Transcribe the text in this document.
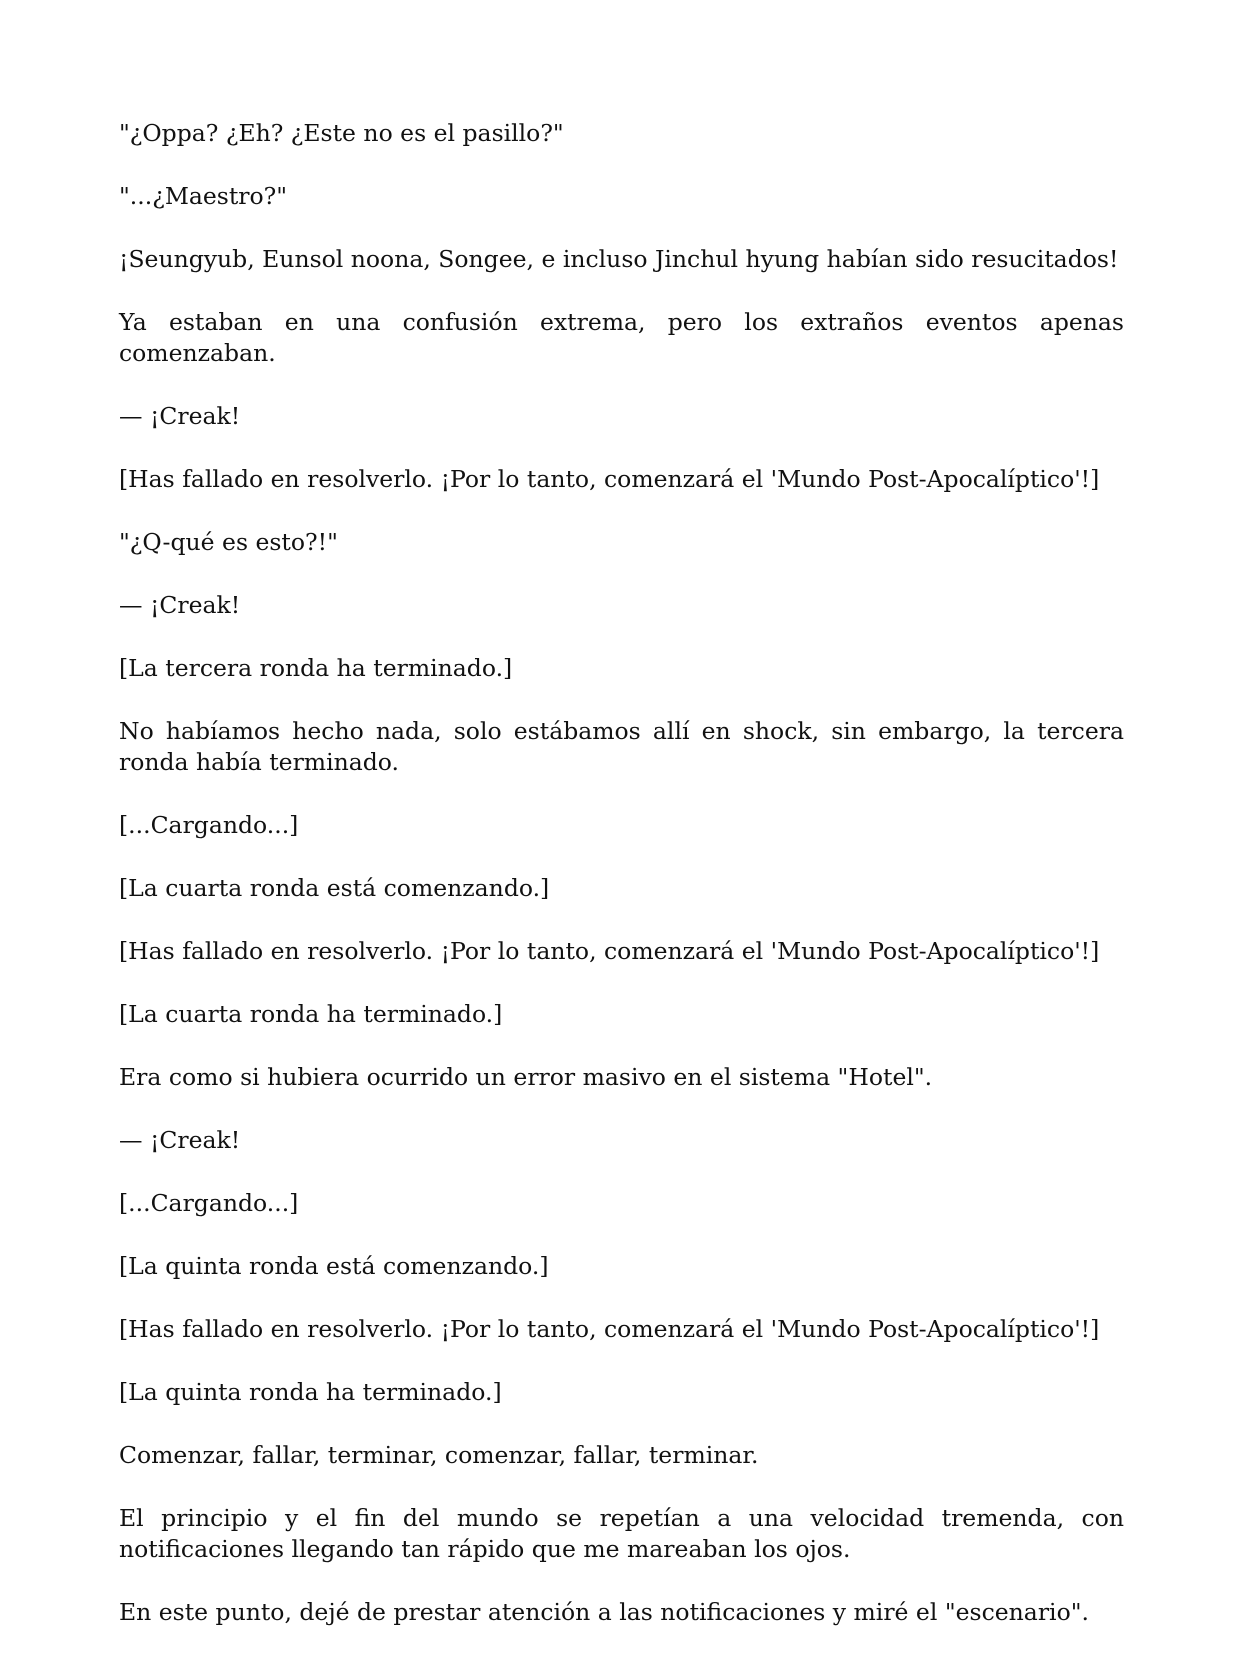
"¿Oppa? ¿Eh? ¿Este no es el pasillo?"

"...¿Maestro?"

¡Seungyub, Eunsol noona, Songee, e incluso Jinchul hyung habían sido resucitados!

Ya estaban en una confusión extrema, pero los extraños eventos apenas comenzaban.

— ¡Creak!

[Has fallado en resolverlo. ¡Por lo tanto, comenzará el 'Mundo Post-Apocalíptico'!]

"¿Q-qué es esto?!"

— ¡Creak!

[La tercera ronda ha terminado.]

No habíamos hecho nada, solo estábamos allí en shock, sin embargo, la tercera ronda había terminado.

[...Cargando...]

[La cuarta ronda está comenzando.]

[Has fallado en resolverlo. ¡Por lo tanto, comenzará el 'Mundo Post-Apocalíptico'!]

[La cuarta ronda ha terminado.]

Era como si hubiera ocurrido un error masivo en el sistema "Hotel".

— ¡Creak!

[...Cargando...]

[La quinta ronda está comenzando.]

[Has fallado en resolverlo. ¡Por lo tanto, comenzará el 'Mundo Post-Apocalíptico'!]

[La quinta ronda ha terminado.]

Comenzar, fallar, terminar, comenzar, fallar, terminar.

El principio y el fin del mundo se repetían a una velocidad tremenda, con notificaciones llegando tan rápido que me mareaban los ojos.

En este punto, dejé de prestar atención a las notificaciones y miré el "escenario".
